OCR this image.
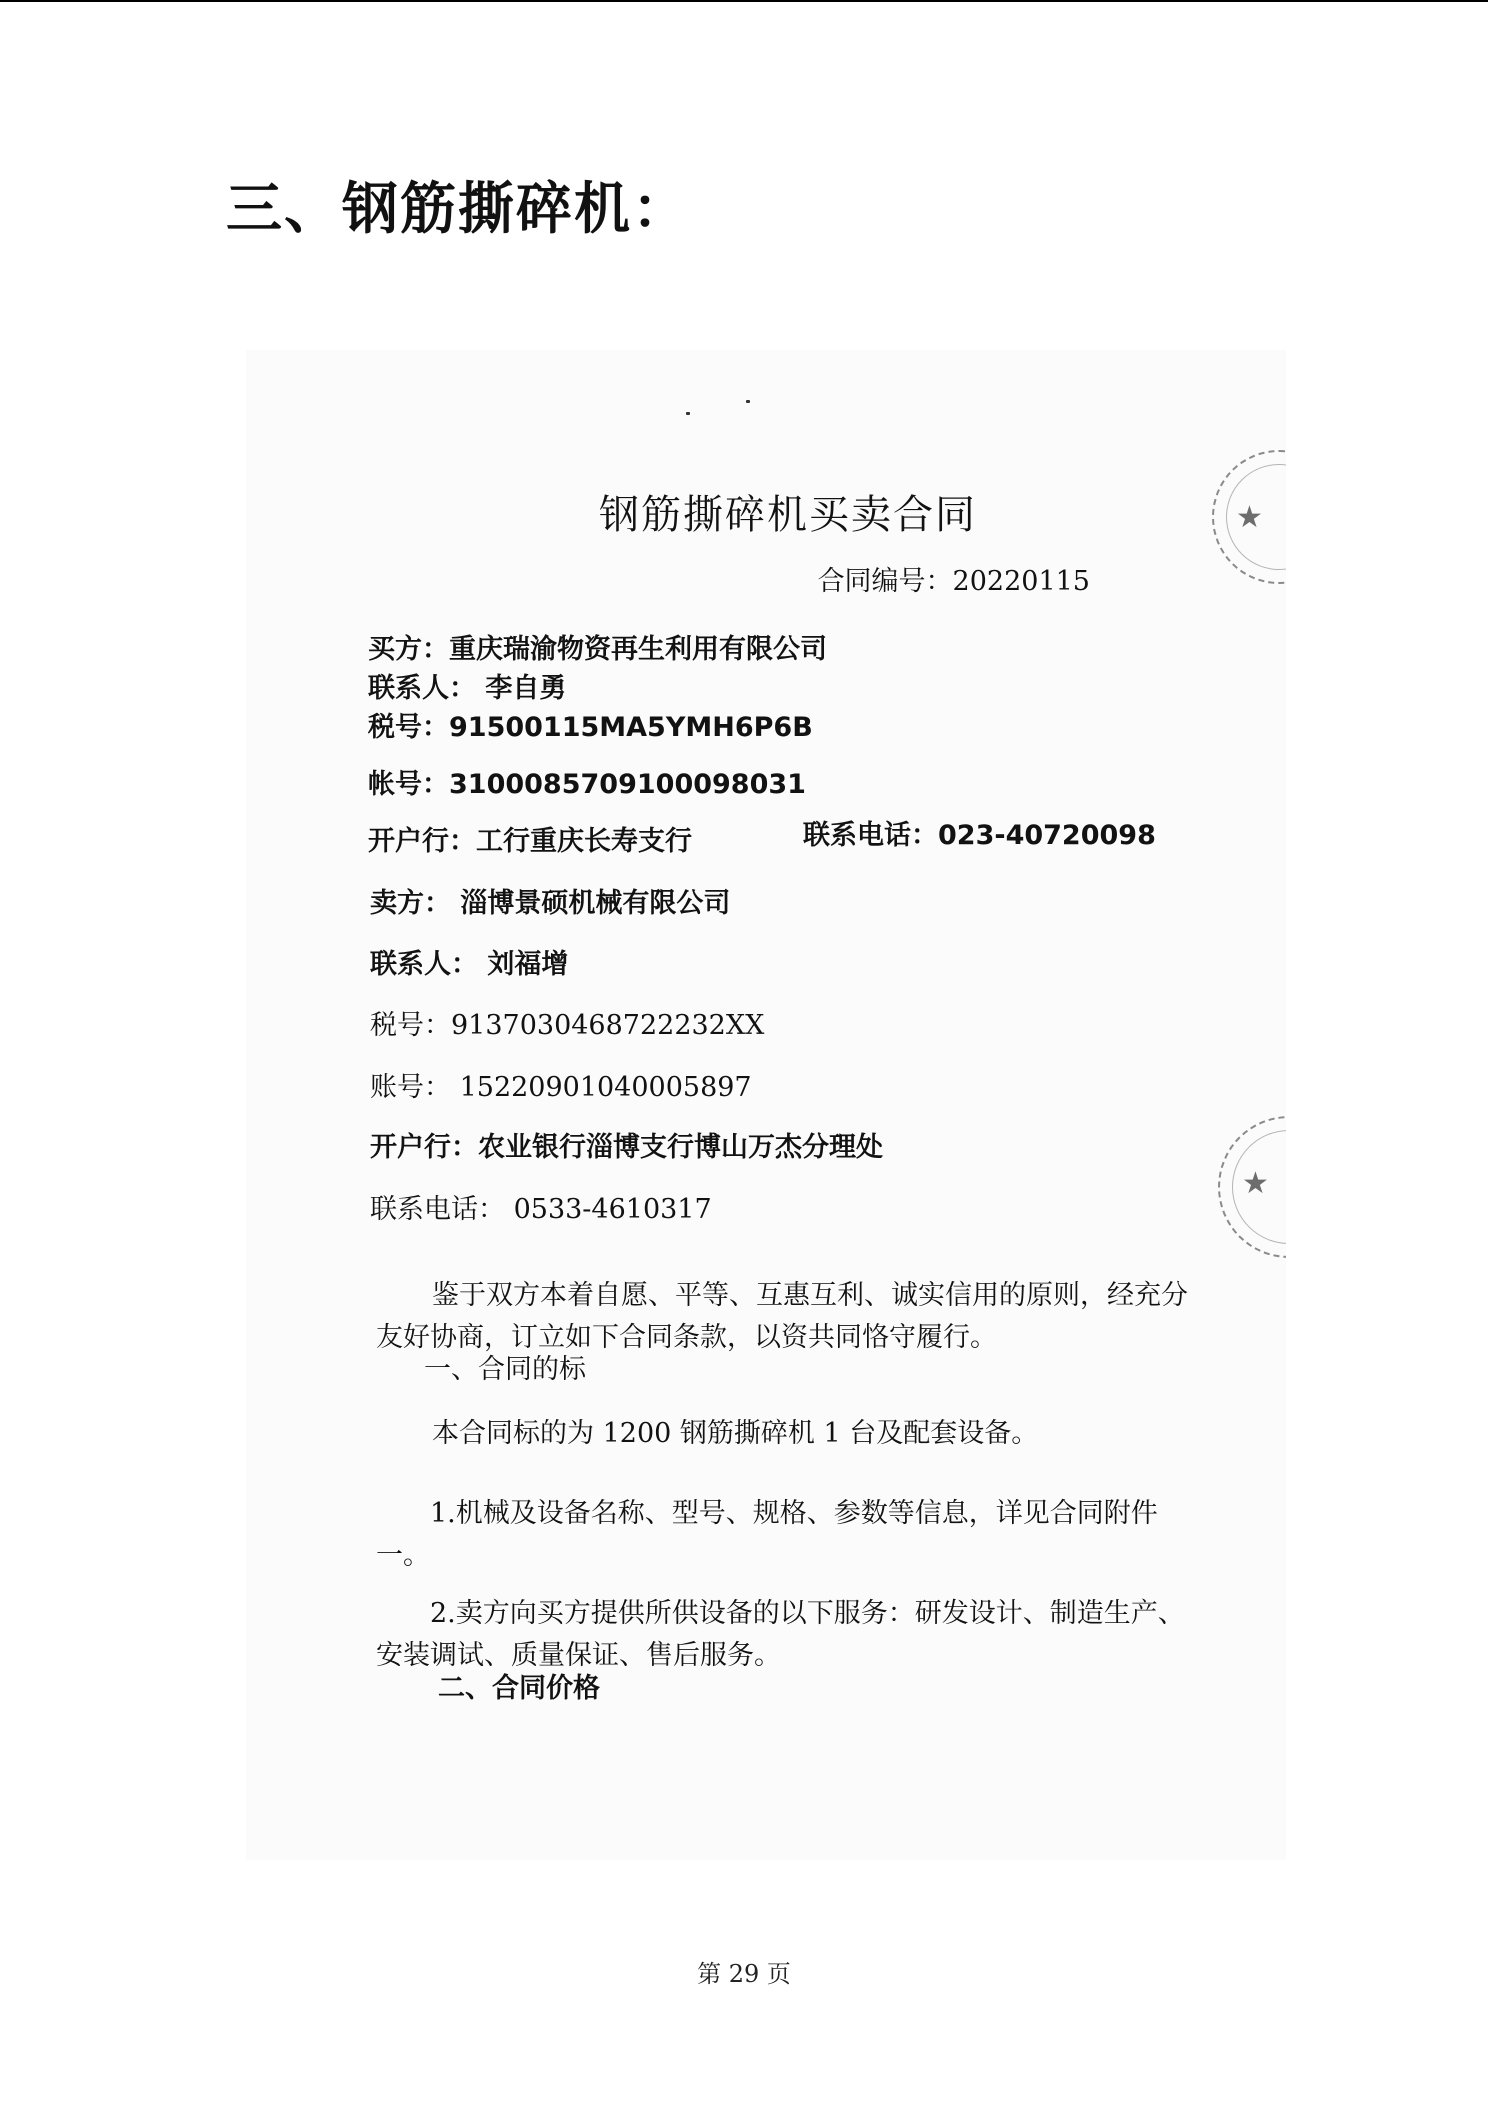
三、钢筋撕碎机：
★
★

钢筋撕碎机买卖合同

合同编号：20220115

买方：重庆瑞渝物资再生利用有限公司

联系人： 李自勇

税号：91500115MA5YMH6P6B

帐号：3100085709100098031

开户行：工行重庆长寿支行	联系电话：023-40720098

卖方： 淄博景硕机械有限公司

联系人： 刘福增

税号：9137030468722232XX

账号： 15220901040005897

开户行：农业银行淄博支行博山万杰分理处

联系电话： 0533-4610317

鉴于双方本着自愿、平等、互惠互利、诚实信用的原则，经充分友好协商，订立如下合同条款，以资共同恪守履行。

一、合同的标

本合同标的为 1200 钢筋撕碎机 1 台及配套设备。

1.机械及设备名称、型号、规格、参数等信息，详见合同附件一。

2.卖方向买方提供所供设备的以下服务：研发设计、制造生产、安装调试、质量保证、售后服务。

二、合同价格

第 29 页
